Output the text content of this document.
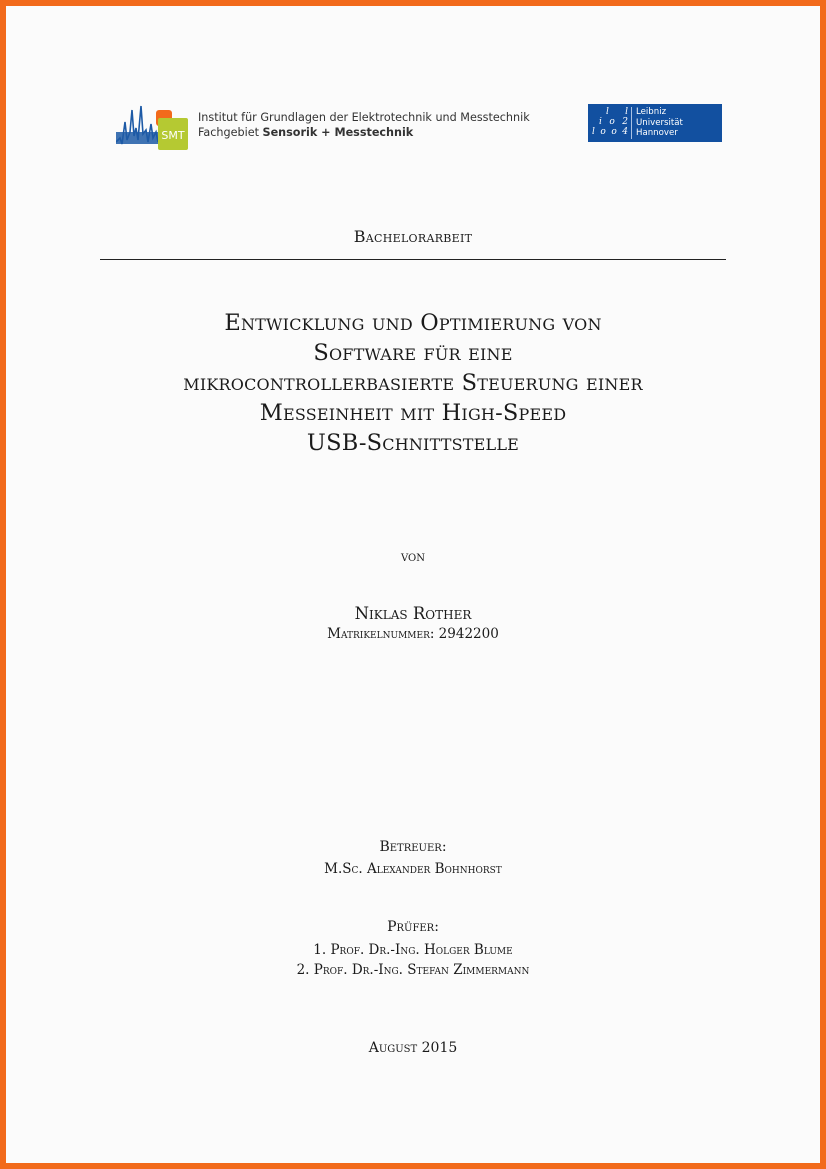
SMT
Institut für Grundlagen der Elektrotechnik und Messtechnik
Fachgebiet Sensorik + Messtechnik
l l
i o 2
l o o 4
Leibniz
Universität
Hannover
Bachelorarbeit
Entwicklung und Optimierung von
Software für eine
mikrocontrollerbasierte Steuerung einer
Messeinheit mit High-Speed
USB-Schnittstelle
von
Niklas Rother
Matrikelnummer: 2942200
Betreuer:
M.Sc. Alexander Bohnhorst
Prüfer:
1. Prof. Dr.-Ing. Holger Blume
2. Prof. Dr.-Ing. Stefan Zimmermann
August 2015
